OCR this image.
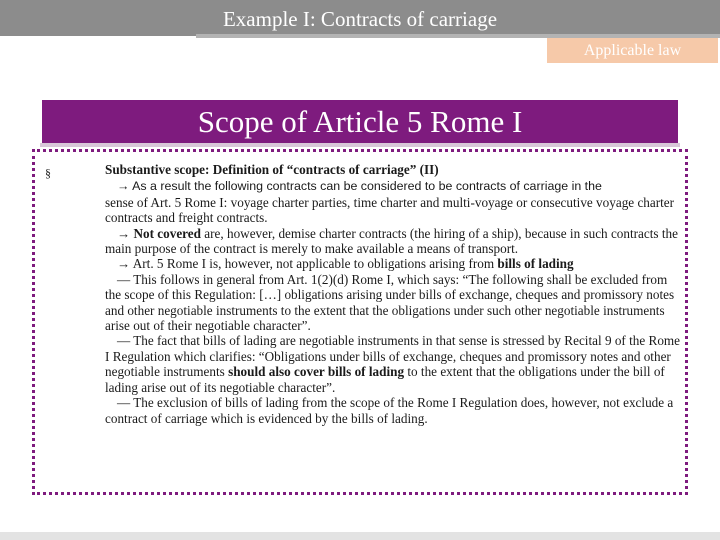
Example I: Contracts of carriage
Applicable law
Scope of Article 5 Rome I
§	Substantive scope: Definition of “contracts of carriage” (II)

→ As a result the following contracts can be considered to be contracts of carriage in the

sense of Art. 5 Rome I: voyage charter parties, time charter and multi-voyage or consecutive voyage charter contracts and freight contracts.

→ Not covered are, however, demise charter contracts (the hiring of a ship), because in such contracts the main purpose of the contract is merely to make available a means of transport.

→ Art. 5 Rome I is, however, not applicable to obligations arising from bills of lading

— This follows in general from Art. 1(2)(d) Rome I, which says: “The following shall be excluded from the scope of this Regulation: […] obligations arising under bills of exchange, cheques and promissory notes and other negotiable instruments to the extent that the obligations under such other negotiable instruments arise out of their negotiable character”.

— The fact that bills of lading are negotiable instruments in that sense is stressed by Recital 9 of the Rome I Regulation which clarifies: “Obligations under bills of exchange, cheques and promissory notes and other negotiable instruments should also cover bills of lading to the extent that the obligations under the bill of lading arise out of its negotiable character”.

— The exclusion of bills of lading from the scope of the Rome I Regulation does, however, not exclude a contract of carriage which is evidenced by the bills of lading.
